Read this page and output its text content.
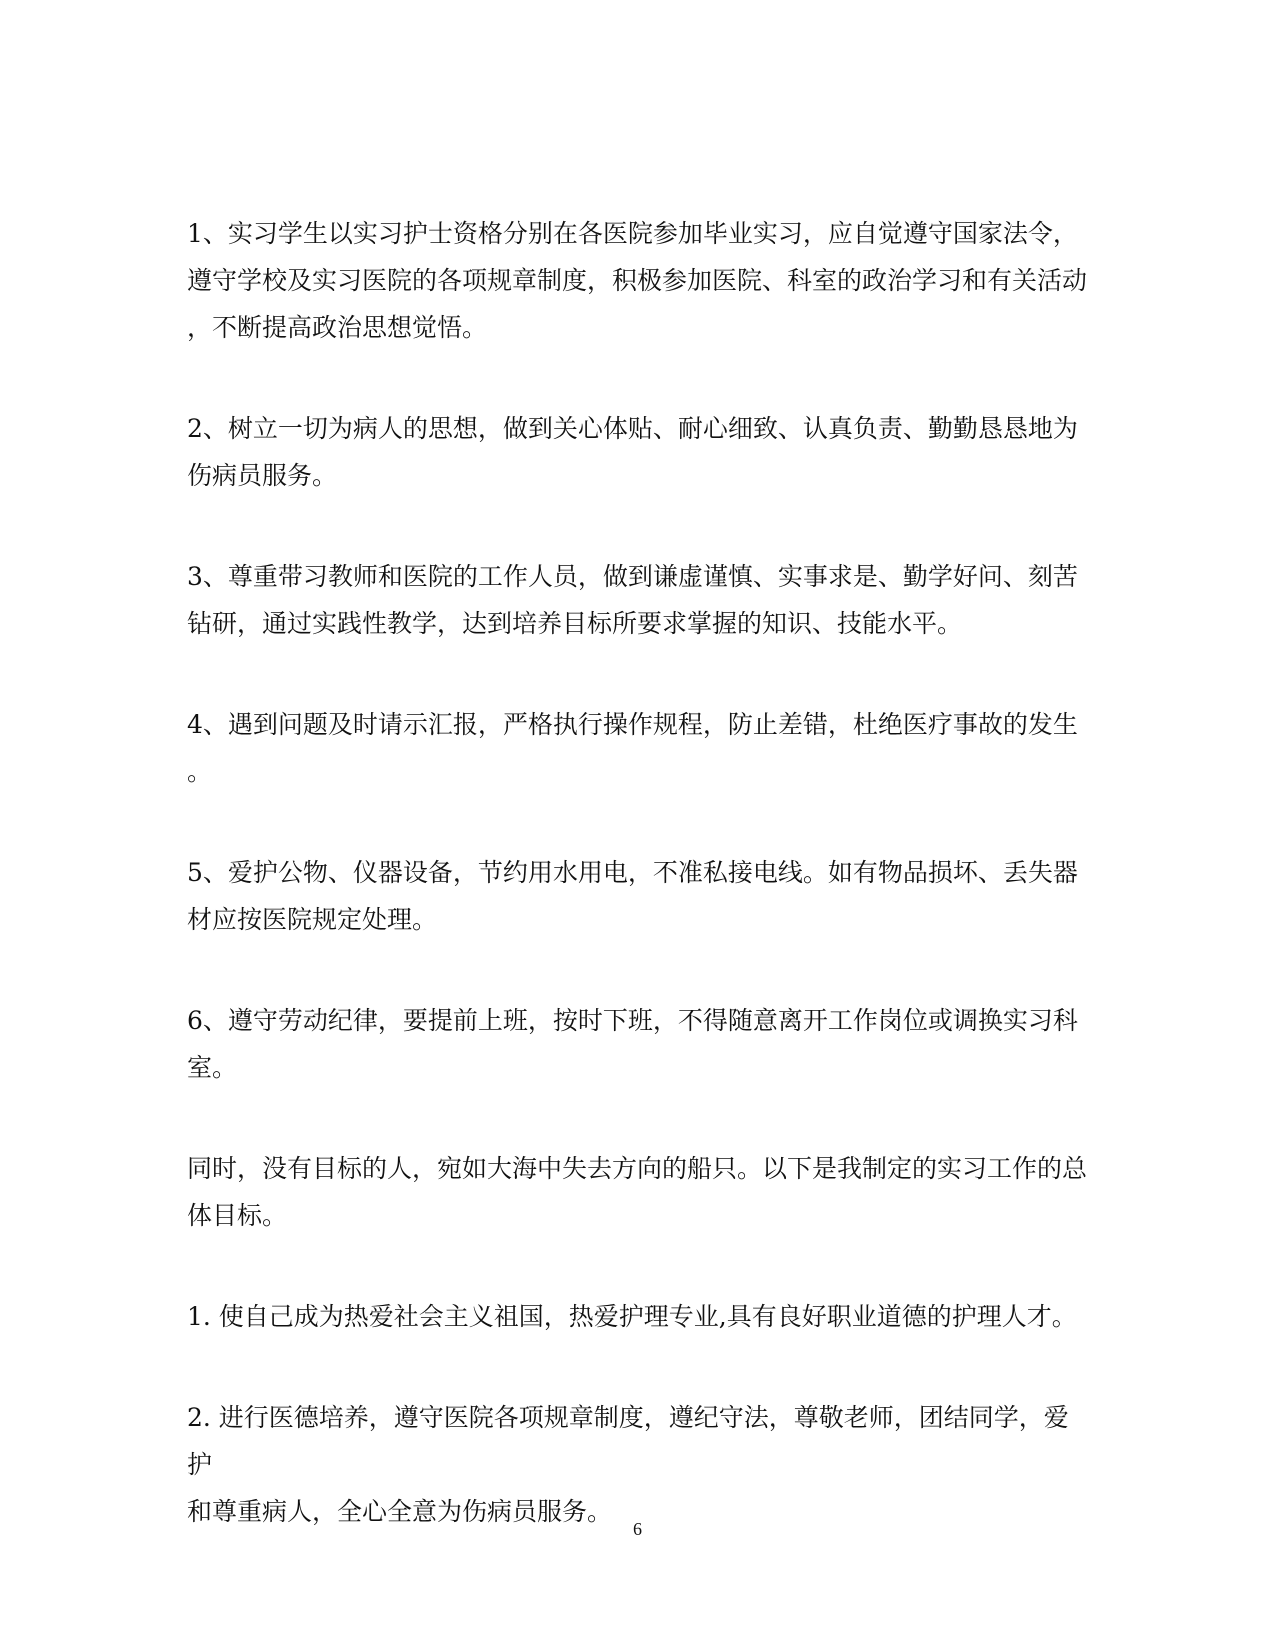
1、实习学生以实习护士资格分别在各医院参加毕业实习，应自觉遵守国家法令，
遵守学校及实习医院的各项规章制度，积极参加医院、科室的政治学习和有关活动
，不断提高政治思想觉悟。

2、树立一切为病人的思想，做到关心体贴、耐心细致、认真负责、勤勤恳恳地为
伤病员服务。

3、尊重带习教师和医院的工作人员，做到谦虚谨慎、实事求是、勤学好问、刻苦
钻研，通过实践性教学，达到培养目标所要求掌握的知识、技能水平。

4、遇到问题及时请示汇报，严格执行操作规程，防止差错，杜绝医疗事故的发生
。

5、爱护公物、仪器设备，节约用水用电，不准私接电线。如有物品损坏、丢失器
材应按医院规定处理。

6、遵守劳动纪律，要提前上班，按时下班，不得随意离开工作岗位或调换实习科
室。

同时，没有目标的人，宛如大海中失去方向的船只。以下是我制定的实习工作的总
体目标。

1. 使自己成为热爱社会主义祖国，热爱护理专业,具有良好职业道德的护理人才。

2. 进行医德培养，遵守医院各项规章制度，遵纪守法，尊敬老师，团结同学，爱护
和尊重病人，全心全意为伤病员服务。

6
